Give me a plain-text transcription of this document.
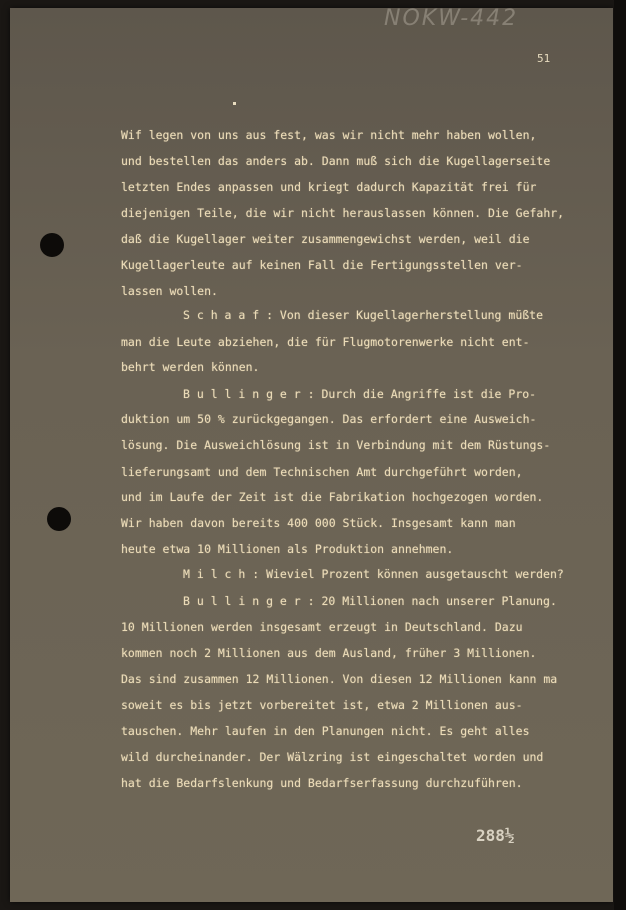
NOKW-442
51
Wif legen von uns aus fest, was wir nicht mehr haben wollen,
und bestellen das anders ab. Dann muß sich die Kugellagerseite
letzten Endes anpassen und kriegt dadurch Kapazität frei für
diejenigen Teile, die wir nicht herauslassen können. Die Gefahr,
daß die Kugellager weiter zusammengewichst werden, weil die
Kugellagerleute auf keinen Fall die Fertigungsstellen ver-
lassen wollen.
S c h a a f : Von dieser Kugellagerherstellung müßte
man die Leute abziehen, die für Flugmotorenwerke nicht ent-
behrt werden können.
B u l l i n g e r : Durch die Angriffe ist die Pro-
duktion um 50 % zurückgegangen. Das erfordert eine Ausweich-
lösung. Die Ausweichlösung ist in Verbindung mit dem Rüstungs-
lieferungsamt und dem Technischen Amt durchgeführt worden,
und im Laufe der Zeit ist die Fabrikation hochgezogen worden.
Wir haben davon bereits 400 000 Stück. Insgesamt kann man
heute etwa 10 Millionen als Produktion annehmen.
M i l c h : Wieviel Prozent können ausgetauscht werden?
B u l l i n g e r : 20 Millionen nach unserer Planung.
10 Millionen werden insgesamt erzeugt in Deutschland. Dazu
kommen noch 2 Millionen aus dem Ausland, früher 3 Millionen.
Das sind zusammen 12 Millionen. Von diesen 12 Millionen kann ma
soweit es bis jetzt vorbereitet ist, etwa 2 Millionen aus-
tauschen. Mehr laufen in den Planungen nicht. Es geht alles
wild durcheinander. Der Wälzring ist eingeschaltet worden und
hat die Bedarfslenkung und Bedarfserfassung durchzuführen.
288½
